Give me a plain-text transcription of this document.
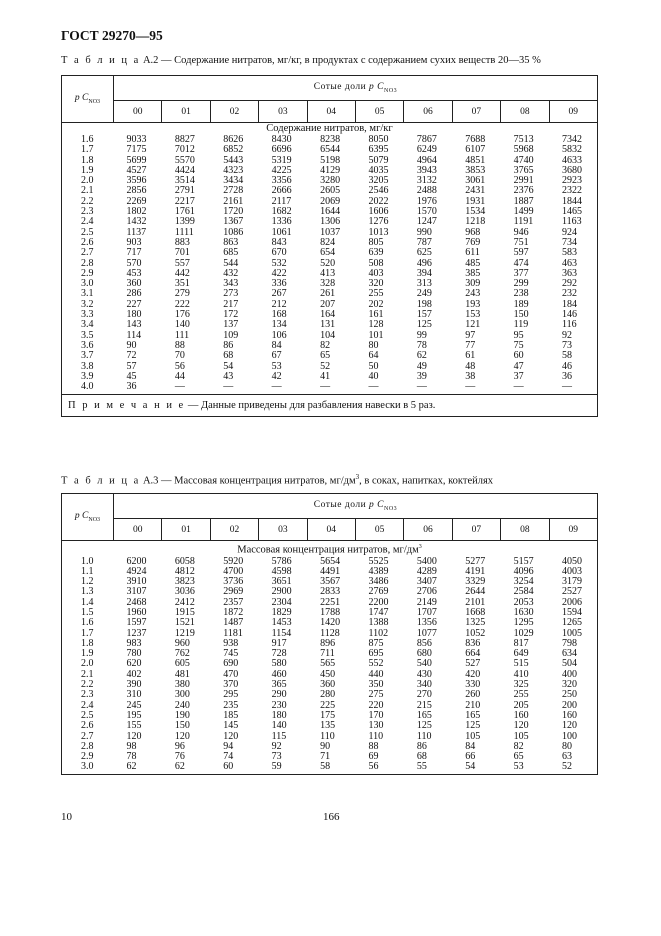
ГОСТ 29270—95
Т а б л и ц а А.2 — Содержание нитратов, мг/кг, в продуктах с содержанием сухих веществ 20—35 %
p $C_{NO3}$	Сотые доли p $C_{NO3}$
	00	01	02	03	04	05	06	07	08	09
Содержание нитратов, мг/кг										
1.6	9033	8827	8626	8430	8238	8050	7867	7688	7513	7342
1.7	7175	7012	6852	6696	6544	6395	6249	6107	5968	5832
1.8	5699	5570	5443	5319	5198	5079	4964	4851	4740	4633
1.9	4527	4424	4323	4225	4129	4035	3943	3853	3765	3680
2.0	3596	3514	3434	3356	3280	3205	3132	3061	2991	2923
2.1	2856	2791	2728	2666	2605	2546	2488	2431	2376	2322
2.2	2269	2217	2161	2117	2069	2022	1976	1931	1887	1844
2.3	1802	1761	1720	1682	1644	1606	1570	1534	1499	1465
2.4	1432	1399	1367	1336	1306	1276	1247	1218	1191	1163
2.5	1137	1111	1086	1061	1037	1013	990	968	946	924
2.6	903	883	863	843	824	805	787	769	751	734
2.7	717	701	685	670	654	639	625	611	597	583
2.8	570	557	544	532	520	508	496	485	474	463
2.9	453	442	432	422	413	403	394	385	377	363
3.0	360	351	343	336	328	320	313	309	299	292
3.1	286	279	273	267	261	255	249	243	238	232
3.2	227	222	217	212	207	202	198	193	189	184
3.3	180	176	172	168	164	161	157	153	150	146
3.4	143	140	137	134	131	128	125	121	119	116
3.5	114	111	109	106	104	101	99	97	95	92
3.6	90	88	86	84	82	80	78	77	75	73
3.7	72	70	68	67	65	64	62	61	60	58
3.8	57	56	54	53	52	50	49	48	47	46
3.9	45	44	43	42	41	40	39	38	37	36
4.0	36	—	—	—	—	—	—	—	—	—

П р и м е ч а н и е — Данные приведены для разбавления навески в 5 раз.										
Т а б л и ц а А.3 — Массовая концентрация нитратов, $мг/дм^3$, в соках, напитках, коктейлях
p $C_{NO3}$	Сотые доли p $C_{NO3}$
	00	01	02	03	04	05	06	07	08	09
Массовая концентрация нитратов, $мг/дм^3$
1.0	6200	6058	5920	5786	5654	5525	5400	5277	5157	4050
1.1	4924	4812	4700	4598	4491	4389	4289	4191	4096	4003
1.2	3910	3823	3736	3651	3567	3486	3407	3329	3254	3179
1.3	3107	3036	2969	2900	2833	2769	2706	2644	2584	2527
1.4	2468	2412	2357	2304	2251	2200	2149	2101	2053	2006
1.5	1960	1915	1872	1829	1788	1747	1707	1668	1630	1594
1.6	1597	1521	1487	1453	1420	1388	1356	1325	1295	1265
1.7	1237	1219	1181	1154	1128	1102	1077	1052	1029	1005
1.8	983	960	938	917	896	875	856	836	817	798
1.9	780	762	745	728	711	695	680	664	649	634
2.0	620	605	690	580	565	552	540	527	515	504
2.1	402	481	470	460	450	440	430	420	410	400
2.2	390	380	370	365	360	350	340	330	325	320
2.3	310	300	295	290	280	275	270	260	255	250
2.4	245	240	235	230	225	220	215	210	205	200
2.5	195	190	185	180	175	170	165	165	160	160
2.6	155	150	145	140	135	130	125	125	120	120
2.7	120	120	120	115	110	110	110	105	105	100
2.8	98	96	94	92	90	88	86	84	82	80
2.9	78	76	74	73	71	69	68	66	65	63
3.0	62	62	60	59	58	56	55	54	53	52

10	166
